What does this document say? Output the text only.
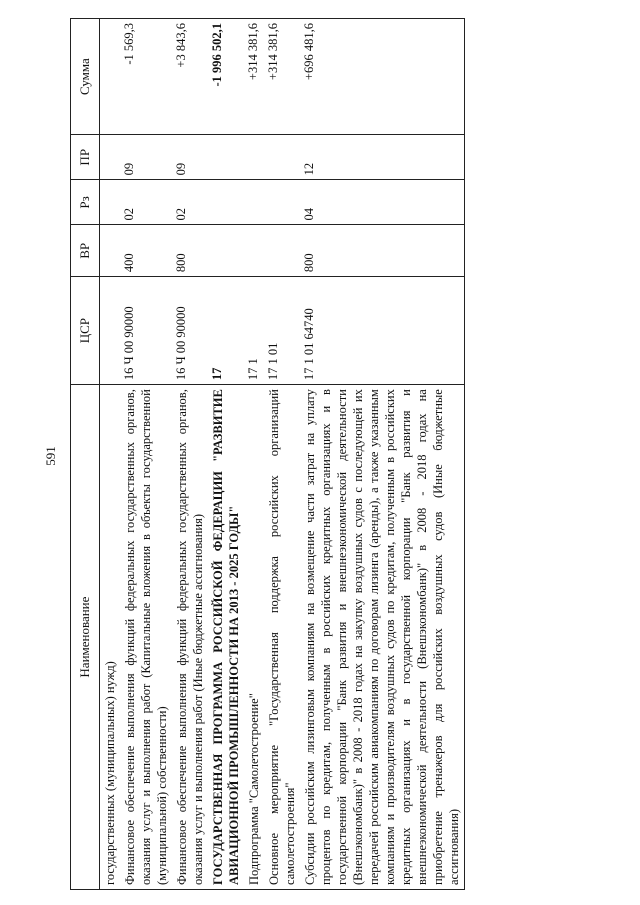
591
Наименование	ЦСР	ВР	Рз	ПР	Сумма
государственных (муниципальных) нужд)					
Финансовое обеспечение выполнения функций федеральных государственных органов, оказания услуг и выполнения работ (Капитальные вложения в объекты государственной (муниципальной) собственности)	16 Ч 00 90000	400	02	09	-1 569,3
Финансовое обеспечение выполнения функций федеральных государственных органов, оказания услуг и выполнения работ (Иные бюджетные ассигнования)	16 Ч 00 90000	800	02	09	+3 843,6
ГОСУДАРСТВЕННАЯ ПРОГРАММА РОССИЙСКОЙ ФЕДЕРАЦИИ "РАЗВИТИЕ АВИАЦИОННОЙ ПРОМЫШЛЕННОСТИ НА 2013 - 2025 ГОДЫ"	17				-1 996 502,1
Подпрограмма "Самолетостроение"	17 1				+314 381,6
Основное мероприятие "Государственная поддержка российских организаций самолетостроения"	17 1 01				+314 381,6
Субсидии российским лизинговым компаниям на возмещение части затрат на уплату процентов по кредитам, полученным в российских кредитных организациях и в государственной корпорации "Банк развития и внешнеэкономической деятельности (Внешэкономбанк)" в 2008 - 2018 годах на закупку воздушных судов с последующей их передачей российским авиакомпаниям по договорам лизинга (аренды), а также указанным компаниям и производителям воздушных судов по кредитам, полученным в российских кредитных организациях и в государственной корпорации "Банк развития и внешнеэкономической деятельности (Внешэкономбанк)" в 2008 - 2018 годах на приобретение тренажеров для российских воздушных судов (Иные бюджетные ассигнования)	17 1 01 64740	800	04	12	+696 481,6
